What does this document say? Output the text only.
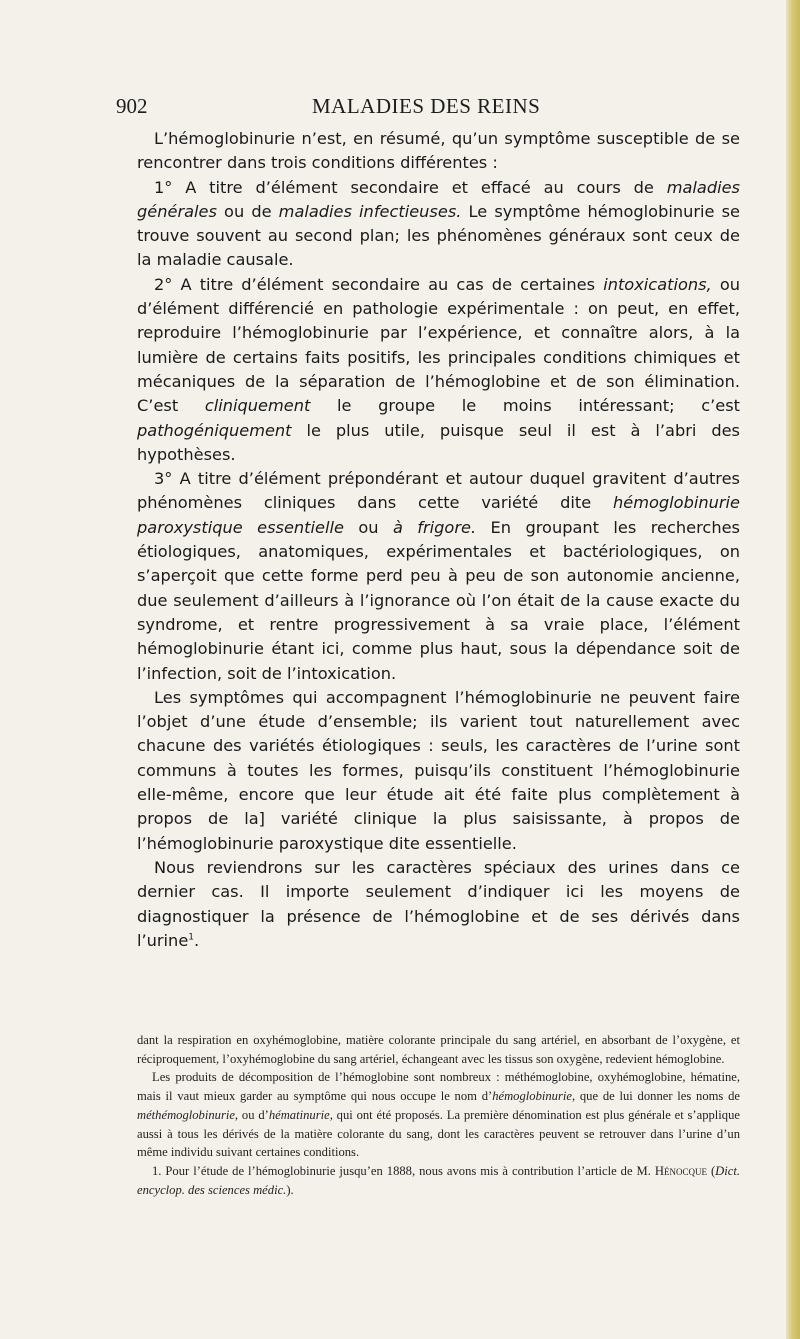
902	MALADIES DES REINS

L’hémoglobinurie n’est, en résumé, qu’un symptôme susceptible de se rencontrer dans trois conditions différentes :

1° A titre d’élément secondaire et effacé au cours de maladies générales ou de maladies infectieuses. Le symptôme hémoglobinurie se trouve souvent au second plan; les phénomènes généraux sont ceux de la maladie causale.

2° A titre d’élément secondaire au cas de certaines intoxications, ou d’élément différencié en pathologie expérimentale : on peut, en effet, reproduire l’hémoglobinurie par l’expérience, et connaître alors, à la lumière de certains faits positifs, les principales conditions chimiques et mécaniques de la séparation de l’hémoglobine et de son élimination. C’est cliniquement le groupe le moins intéressant; c’est pathogéniquement le plus utile, puisque seul il est à l’abri des hypothèses.

3° A titre d’élément prépondérant et autour duquel gravitent d’autres phénomènes cliniques dans cette variété dite hémoglobinurie paroxystique essentielle ou à frigore. En groupant les recherches étiologiques, anatomiques, expérimentales et bactériologiques, on s’aperçoit que cette forme perd peu à peu de son autonomie ancienne, due seulement d’ailleurs à l’ignorance où l’on était de la cause exacte du syndrome, et rentre progressivement à sa vraie place, l’élément hémoglobinurie étant ici, comme plus haut, sous la dépendance soit de l’infection, soit de l’intoxication.

Les symptômes qui accompagnent l’hémoglobinurie ne peuvent faire l’objet d’une étude d’ensemble; ils varient tout naturellement avec chacune des variétés étiologiques : seuls, les caractères de l’urine sont communs à toutes les formes, puisqu’ils constituent l’hémoglobinurie elle-même, encore que leur étude ait été faite plus complètement à propos de la] variété clinique la plus saisissante, à propos de l’hémoglobinurie paroxystique dite essentielle.

Nous reviendrons sur les caractères spéciaux des urines dans ce dernier cas. Il importe seulement d’indiquer ici les moyens de diagnostiquer la présence de l’hémoglobine et de ses dérivés dans l’urine$^1$.

dant la respiration en oxyhémoglobine, matière colorante principale du sang artériel, en absorbant de l’oxygène, et réciproquement, l’oxyhémoglobine du sang artériel, échangeant avec les tissus son oxygène, redevient hémoglobine.

Les produits de décomposition de l’hémoglobine sont nombreux : méthémoglobine, oxyhémoglobine, hématine, mais il vaut mieux garder au symptôme qui nous occupe le nom d’hémoglobinurie, que de lui donner les noms de méthémoglobinurie, ou d’hématinurie, qui ont été proposés. La première dénomination est plus générale et s’applique aussi à tous les dérivés de la matière colorante du sang, dont les caractères peuvent se retrouver dans l’urine d’un même individu suivant certaines conditions.

1. Pour l’étude de l’hémoglobinurie jusqu’en 1888, nous avons mis à contribution l’article de M. Hénocque (Dict. encyclop. des sciences médic.).
